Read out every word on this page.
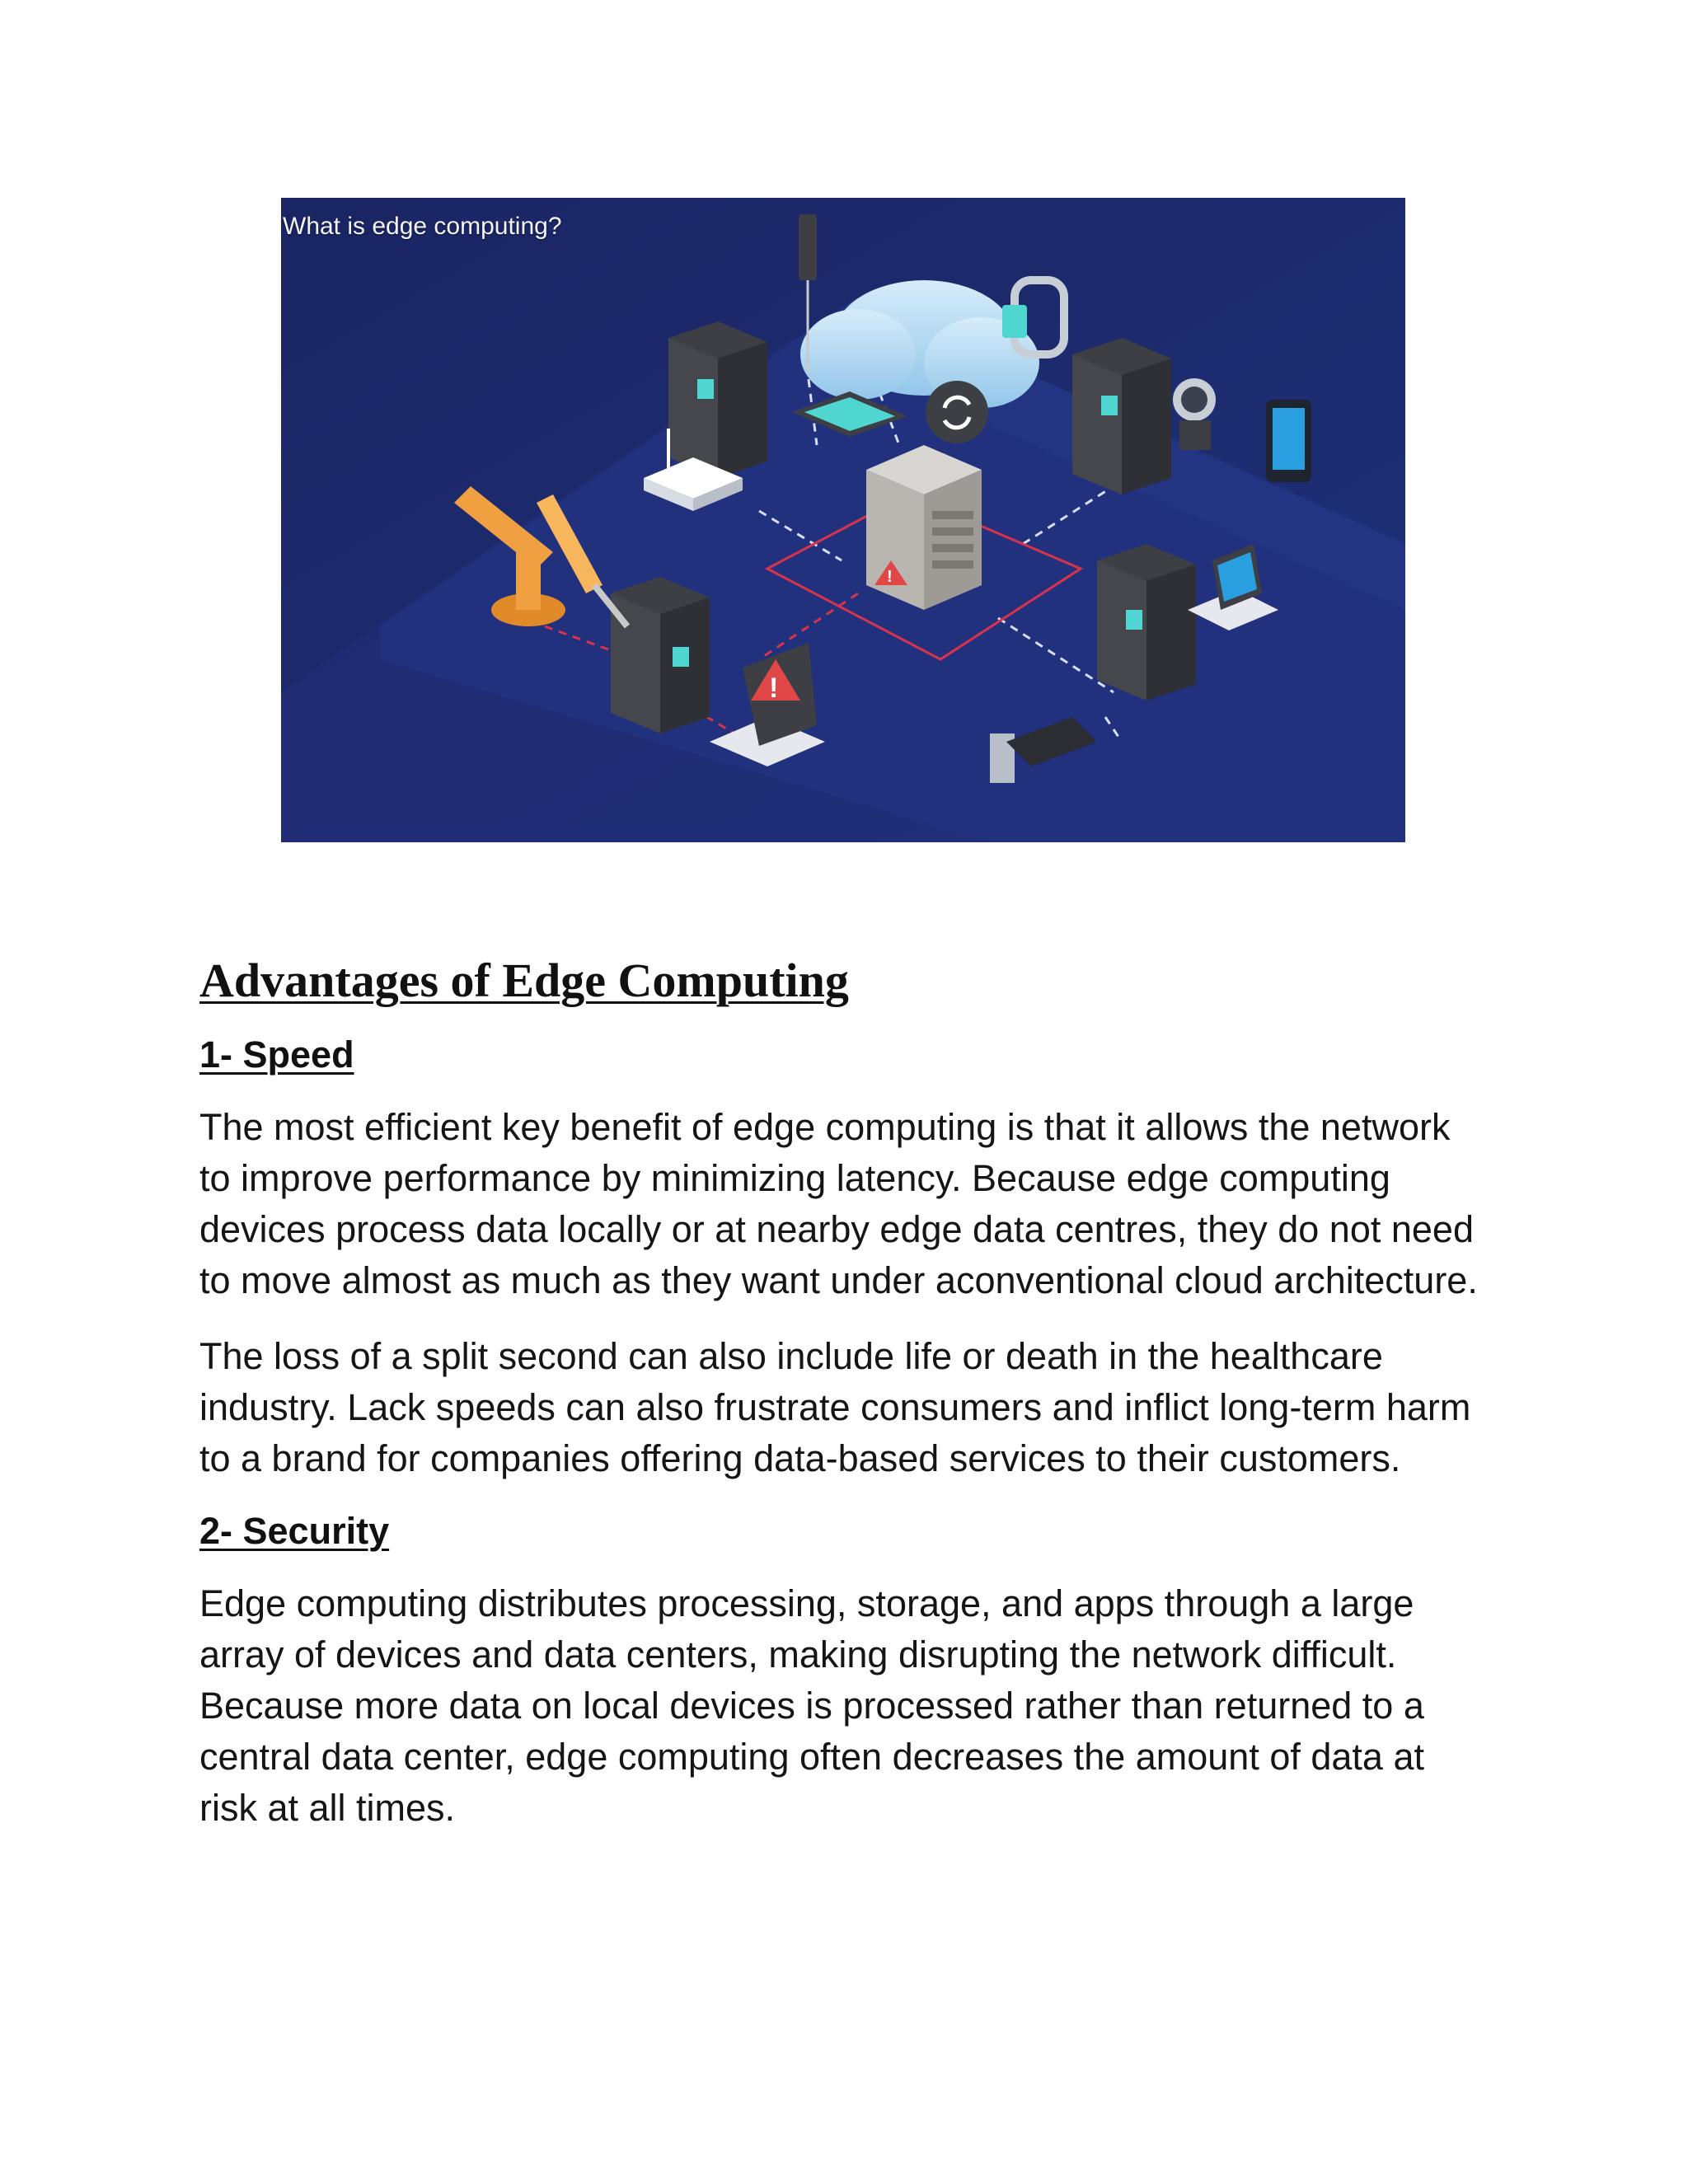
!
!
What is edge computing?
Advantages of Edge Computing
1- Speed

The most efficient key benefit of edge computing is that it allows the network to improve performance by minimizing latency. Because edge computing devices process data locally or at nearby edge data centres, they do not need to move almost as much as they want under aconventional cloud architecture.

The loss of a split second can also include life or death in the healthcare industry. Lack speeds can also frustrate consumers and inflict long-term harm to a brand for companies offering data-based services to their customers.

2- Security

Edge computing distributes processing, storage, and apps through a large array of devices and data centers, making disrupting the network difficult. Because more data on local devices is processed rather than returned to a central data center, edge computing often decreases the amount of data at risk at all times.
